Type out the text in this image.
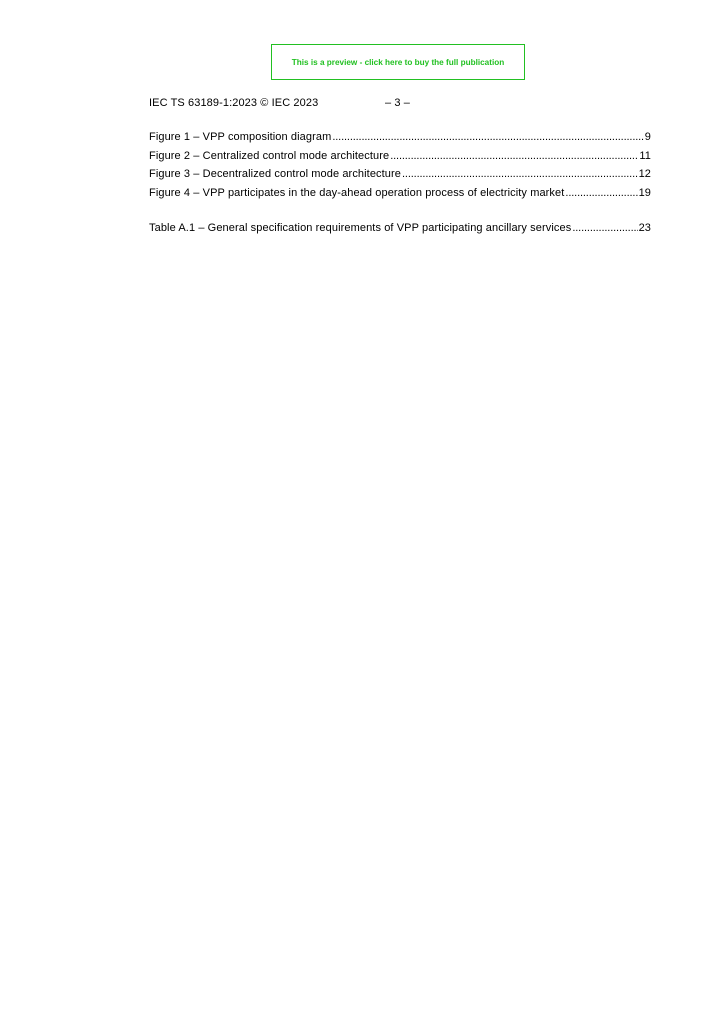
This is a preview - click here to buy the full publication
IEC TS 63189-1:2023 © IEC 2023	– 3 –
Figure 1 – VPP composition diagram . . .	9
Figure 2 – Centralized control mode architecture . . .	11
Figure 3 – Decentralized control mode architecture . . .	12
Figure 4 – VPP participates in the day-ahead operation process of electricity market . . .	19
Table A.1 – General specification requirements of VPP participating ancillary services . . .	23
